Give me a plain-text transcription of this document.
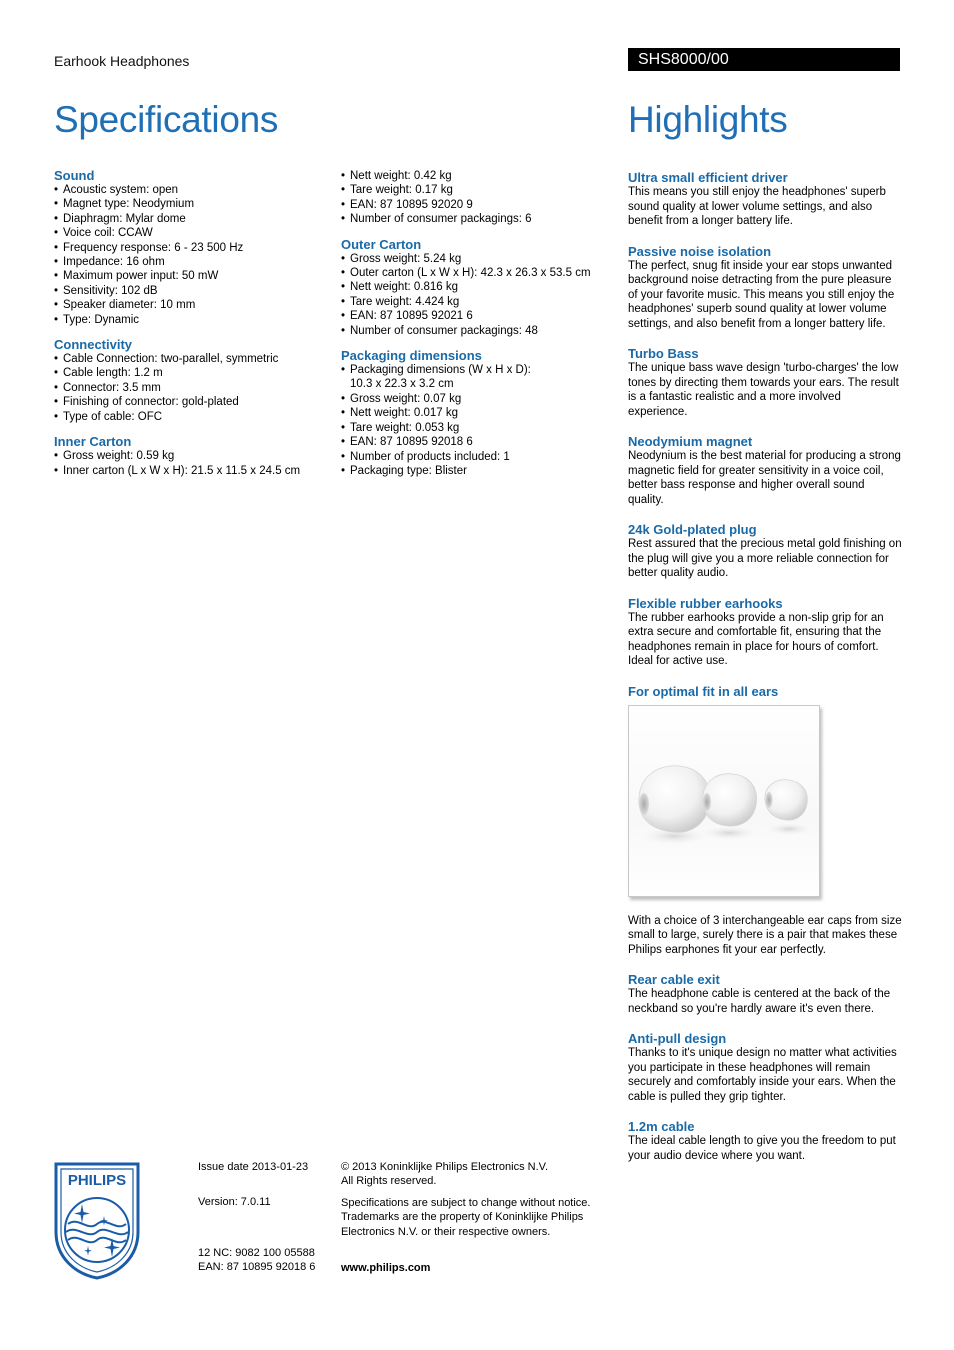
Earhook Headphones	SHS8000/00
Specifications	Highlights
Sound
• Acoustic system: open
• Magnet type: Neodymium
• Diaphragm: Mylar dome
• Voice coil: CCAW
• Frequency response: 6 - 23 500 Hz
• Impedance: 16 ohm
• Maximum power input: 50 mW
• Sensitivity: 102 dB
• Speaker diameter: 10 mm
• Type: Dynamic
Connectivity
• Cable Connection: two-parallel, symmetric
• Cable length: 1.2 m
• Connector: 3.5 mm
• Finishing of connector: gold-plated
• Type of cable: OFC
Inner Carton
• Gross weight: 0.59 kg
• Inner carton (L x W x H): 21.5 x 11.5 x 24.5 cm
• Nett weight: 0.42 kg
• Tare weight: 0.17 kg
• EAN: 87 10895 92020 9
• Number of consumer packagings: 6
Outer Carton
• Gross weight: 5.24 kg
• Outer carton (L x W x H): 42.3 x 26.3 x 53.5 cm
• Nett weight: 0.816 kg
• Tare weight: 4.424 kg
• EAN: 87 10895 92021 6
• Number of consumer packagings: 48
Packaging dimensions
• Packaging dimensions (W x H x D):
10.3 x 22.3 x 3.2 cm
• Gross weight: 0.07 kg
• Nett weight: 0.017 kg
• Tare weight: 0.053 kg
• EAN: 87 10895 92018 6
• Number of products included: 1
• Packaging type: Blister
Ultra small efficient driver

This means you still enjoy the headphones' superb sound quality at lower volume settings, and also benefit from a longer battery life.

Passive noise isolation

The perfect, snug fit inside your ear stops unwanted background noise detracting from the pure pleasure of your favorite music. This means you still enjoy the headphones' superb sound quality at lower volume settings, and also benefit from a longer battery life.

Turbo Bass

The unique bass wave design 'turbo-charges' the low tones by directing them towards your ears. The result is a fantastic realistic and a more involved experience.

Neodymium magnet

Neodynium is the best material for producing a strong magnetic field for greater sensitivity in a voice coil, better bass response and higher overall sound quality.

24k Gold-plated plug

Rest assured that the precious metal gold finishing on the plug will give you a more reliable connection for better quality audio.

Flexible rubber earhooks

The rubber earhooks provide a non-slip grip for an extra secure and comfortable fit, ensuring that the headphones remain in place for hours of comfort. Ideal for active use.

For optimal fit in all ears

With a choice of 3 interchangeable ear caps from size small to large, surely there is a pair that makes these Philips earphones fit your ear perfectly.

Rear cable exit

The headphone cable is centered at the back of the neckband so you're hardly aware it's even there.

Anti-pull design

Thanks to it's unique design no matter what activities you participate in these headphones will remain securely and comfortably inside your ears. When the cable is pulled they grip tighter.

1.2m cable

The ideal cable length to give you the freedom to put your audio device where you want.

PHILIPS
Issue date 2013-01-23
Version: 7.0.11
12 NC: 9082 100 05588
EAN: 87 10895 92018 6
© 2013 Koninklijke Philips Electronics N.V.
All Rights reserved.
Specifications are subject to change without notice.
Trademarks are the property of Koninklijke Philips
Electronics N.V. or their respective owners.
www.philips.com
